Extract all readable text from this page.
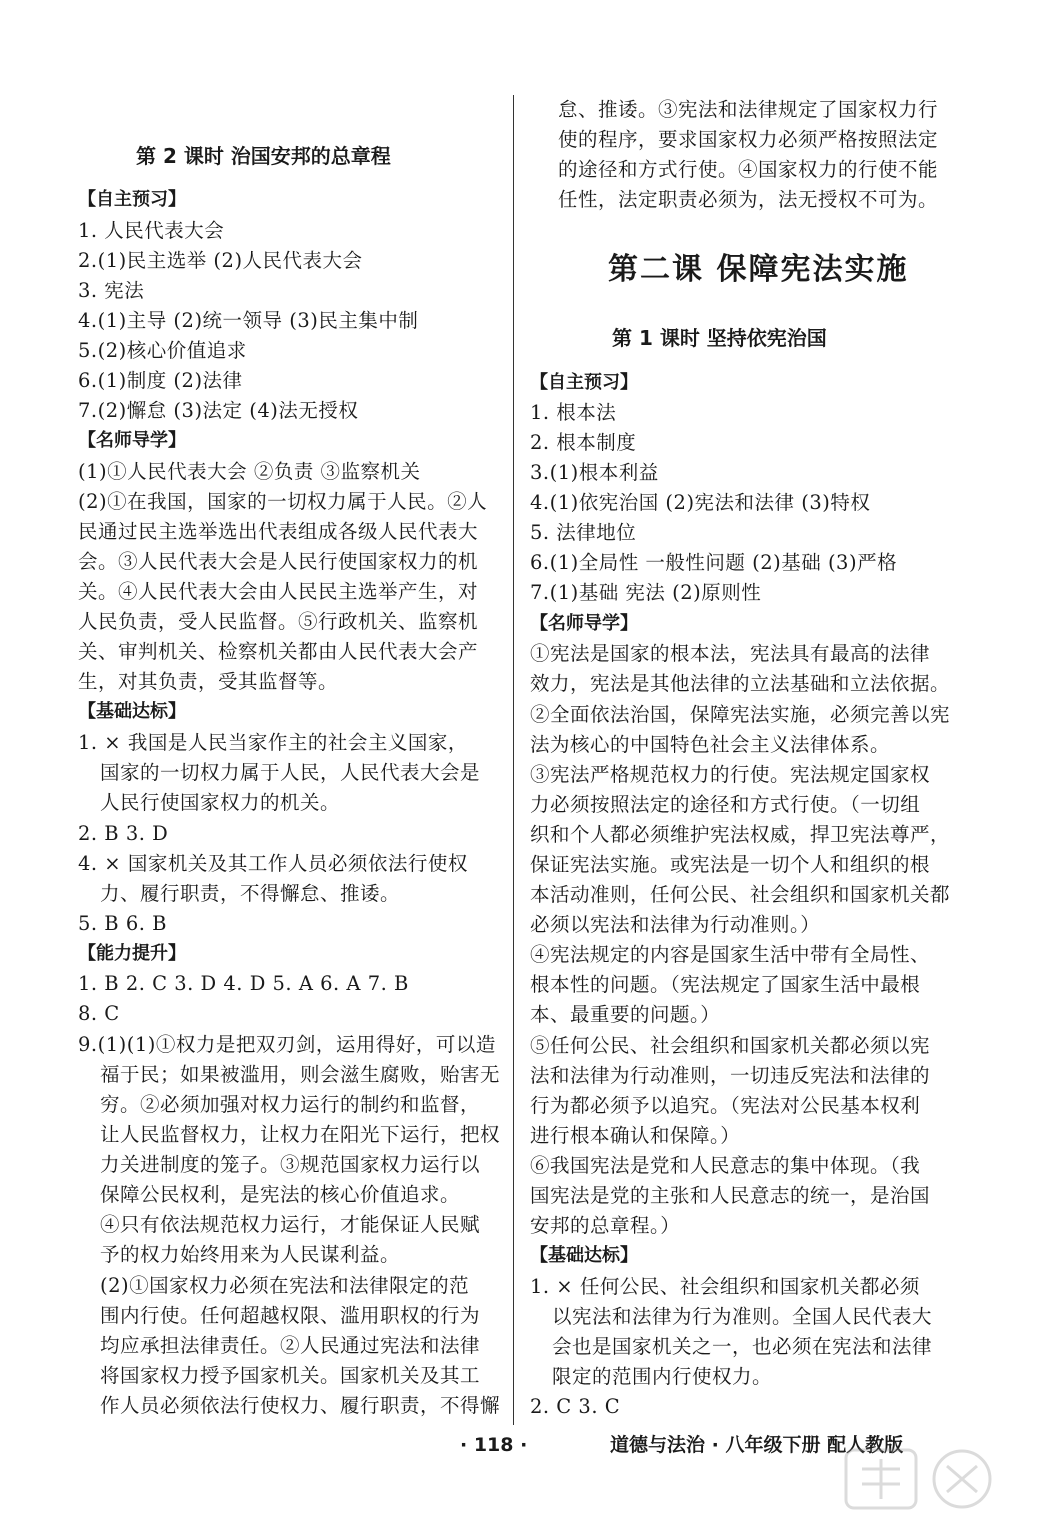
第 2 课时 治国安邦的总章程
【自主预习】
1. 人民代表大会
2.(1)民主选举 (2)人民代表大会
3. 宪法
4.(1)主导 (2)统一领导 (3)民主集中制
5.(2)核心价值追求
6.(1)制度 (2)法律
7.(2)懈怠 (3)法定 (4)法无授权
【名师导学】
(1)①人民代表大会 ②负责 ③监察机关
(2)①在我国，国家的一切权力属于人民。②人
民通过民主选举选出代表组成各级人民代表大
会。③人民代表大会是人民行使国家权力的机
关。④人民代表大会由人民民主选举产生，对
人民负责，受人民监督。⑤行政机关、监察机
关、审判机关、检察机关都由人民代表大会产
生，对其负责，受其监督等。
【基础达标】
1. × 我国是人民当家作主的社会主义国家，
国家的一切权力属于人民，人民代表大会是
人民行使国家权力的机关。
2. B 3. D
4. × 国家机关及其工作人员必须依法行使权
力、履行职责，不得懈怠、推诿。
5. B 6. B
【能力提升】
1. B 2. C 3. D 4. D 5. A 6. A 7. B
8. C
9.(1)(1)①权力是把双刃剑，运用得好，可以造
福于民；如果被滥用，则会滋生腐败，贻害无
穷。②必须加强对权力运行的制约和监督，
让人民监督权力，让权力在阳光下运行，把权
力关进制度的笼子。③规范国家权力运行以
保障公民权利，是宪法的核心价值追求。
④只有依法规范权力运行，才能保证人民赋
予的权力始终用来为人民谋利益。
(2)①国家权力必须在宪法和法律限定的范
围内行使。任何超越权限、滥用职权的行为
均应承担法律责任。②人民通过宪法和法律
将国家权力授予国家机关。国家机关及其工
作人员必须依法行使权力、履行职责，不得懈
怠、推诿。③宪法和法律规定了国家权力行
使的程序，要求国家权力必须严格按照法定
的途径和方式行使。④国家权力的行使不能
任性，法定职责必须为，法无授权不可为。
第二课 保障宪法实施
第 1 课时 坚持依宪治国
【自主预习】
1. 根本法
2. 根本制度
3.(1)根本利益
4.(1)依宪治国 (2)宪法和法律 (3)特权
5. 法律地位
6.(1)全局性 一般性问题 (2)基础 (3)严格
7.(1)基础 宪法 (2)原则性
【名师导学】
①宪法是国家的根本法，宪法具有最高的法律
效力，宪法是其他法律的立法基础和立法依据。
②全面依法治国，保障宪法实施，必须完善以宪
法为核心的中国特色社会主义法律体系。
③宪法严格规范权力的行使。宪法规定国家权
力必须按照法定的途径和方式行使。（一切组
织和个人都必须维护宪法权威，捍卫宪法尊严，
保证宪法实施。或宪法是一切个人和组织的根
本活动准则，任何公民、社会组织和国家机关都
必须以宪法和法律为行动准则。）
④宪法规定的内容是国家生活中带有全局性、
根本性的问题。（宪法规定了国家生活中最根
本、最重要的问题。）
⑤任何公民、社会组织和国家机关都必须以宪
法和法律为行动准则，一切违反宪法和法律的
行为都必须予以追究。（宪法对公民基本权利
进行根本确认和保障。）
⑥我国宪法是党和人民意志的集中体现。（我
国宪法是党的主张和人民意志的统一，是治国
安邦的总章程。）
【基础达标】
1. × 任何公民、社会组织和国家机关都必须
以宪法和法律为行为准则。全国人民代表大
会也是国家机关之一，也必须在宪法和法律
限定的范围内行使权力。
2. C 3. C
· 118 ·	道德与法治 · 八年级下册 配人教版
